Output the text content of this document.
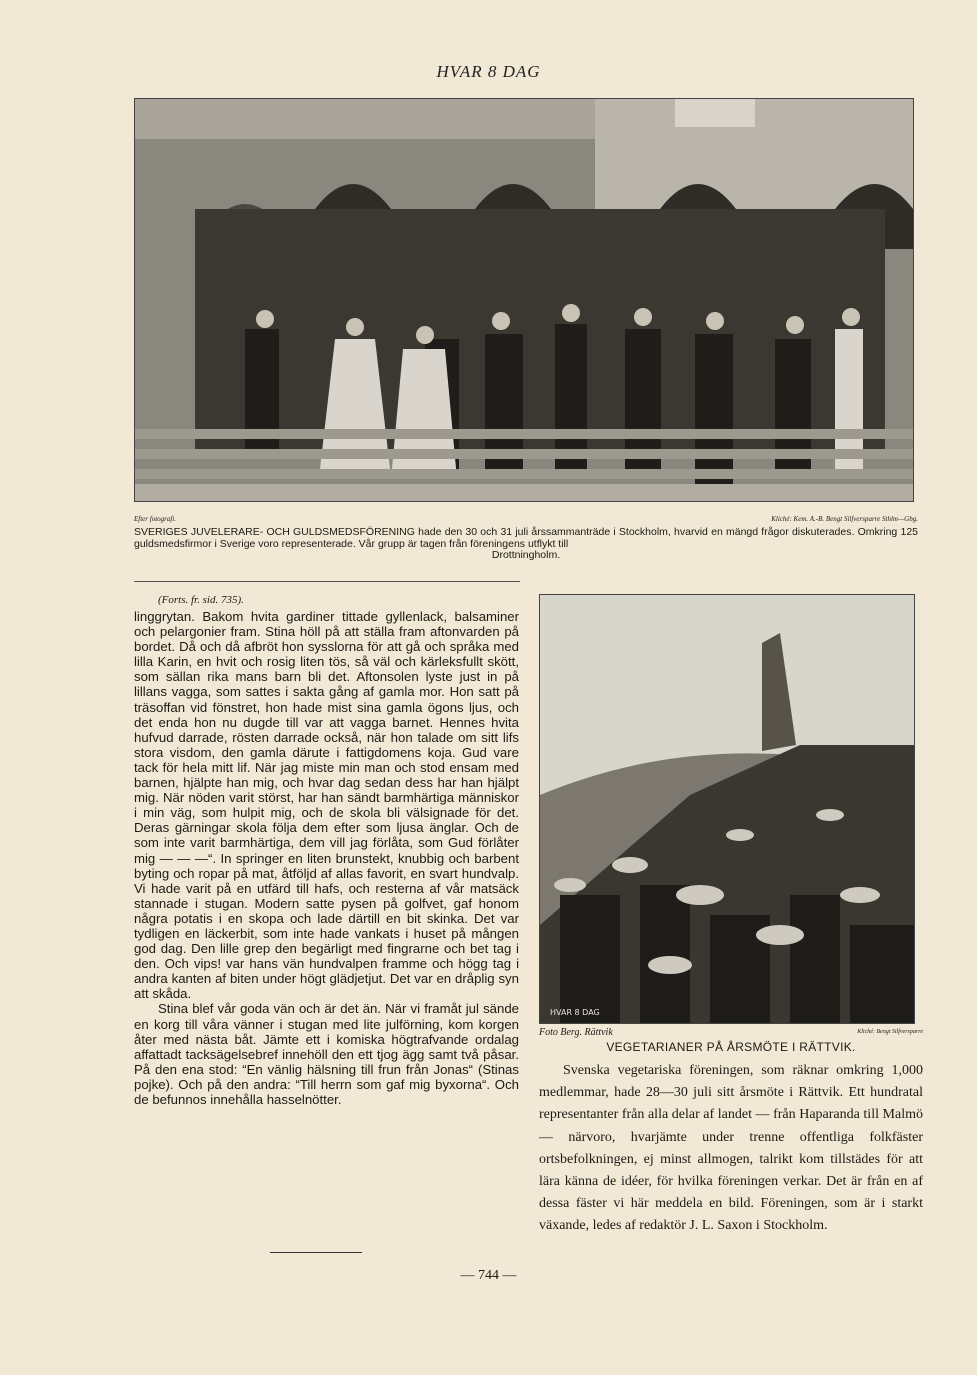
HVAR 8 DAG
Efter fotografi.	Kliché: Kem. A.-B. Bengt Silfversparre Sthlm—Gbg.
SVERIGES JUVELERARE- OCH GULDSMEDSFÖRENING hade den 30 och 31 juli årssammanträde i Stockholm, hvarvid en mängd frågor diskuterades. Omkring 125 guldsmedsfirmor i Sverige voro representerade. Vår grupp är tagen från föreningens utflykt till
Drottningholm.
(Forts. fr. sid. 735).

linggrytan. Bakom hvita gardiner tittade gyllenlack, balsaminer och pelargonier fram. Stina höll på att ställa fram aftonvarden på bordet. Då och då afbröt hon sysslorna för att gå och språka med lilla Karin, en hvit och rosig liten tös, så väl och kärleksfullt skött, som sällan rika mans barn bli det. Aftonsolen lyste just in på lillans vagga, som sattes i sakta gång af gamla mor. Hon satt på träsoffan vid fönstret, hon hade mist sina gamla ögons ljus, och det enda hon nu dugde till var att vagga barnet. Hennes hvita hufvud darrade, rösten darrade också, när hon talade om sitt lifs stora visdom, den gamla därute i fattigdomens koja. Gud vare tack för hela mitt lif. När jag miste min man och stod ensam med barnen, hjälpte han mig, och hvar dag sedan dess har han hjälpt mig. När nöden varit störst, har han sändt barmhärtiga människor i min väg, som hulpit mig, och de skola bli välsignade för det. Deras gärningar skola följa dem efter som ljusa änglar. Och de som inte varit barmhärtiga, dem vill jag förlåta, som Gud förlåter mig — — —“. In springer en liten brunstekt, knubbig och barbent byting och ropar på mat, åtföljd af allas favorit, en svart hundvalp. Vi hade varit på en utfärd till hafs, och resterna af vår matsäck stannade i stugan. Modern satte pysen på golfvet, gaf honom några potatis i en skopa och lade därtill en bit skinka. Det var tydligen en läckerbit, som inte hade vankats i huset på mången god dag. Den lille grep den begärligt med fingrarne och bet tag i den. Och vips! var hans vän hundvalpen framme och högg tag i andra kanten af biten under högt glädjetjut. Det var en dråplig syn att skåda.

Stina blef vår goda vän och är det än. När vi framåt jul sände en korg till våra vänner i stugan med lite julförning, kom korgen åter med nästa båt. Jämte ett i komiska högtrafvande ordalag affattadt tacksägelsebref innehöll den ett tjog ägg samt två påsar. På den ena stod: “En vänlig hälsning till frun från Jonas“ (Stinas pojke). Och på den andra: “Till herrn som gaf mig byxorna“. Och de befunnos innehålla hasselnötter.

HVAR 8 DAG
Foto Berg. Rättvik	Kliché: Bengt Silfversparre
VEGETARIANER PÅ ÅRSMÖTE I RÄTTVIK.

Svenska vegetariska föreningen, som räknar omkring 1,000 medlemmar, hade 28—30 juli sitt årsmöte i Rättvik. Ett hundratal representanter från alla delar af landet — från Haparanda till Malmö — närvoro, hvarjämte under trenne offentliga folkfäster ortsbefolkningen, ej minst allmogen, talrikt kom tillstädes för att lära känna de idéer, för hvilka föreningen verkar. Det är från en af dessa fäster vi här meddela en bild. Föreningen, som är i starkt växande, ledes af redaktör J. L. Saxon i Stockholm.

— 744 —
